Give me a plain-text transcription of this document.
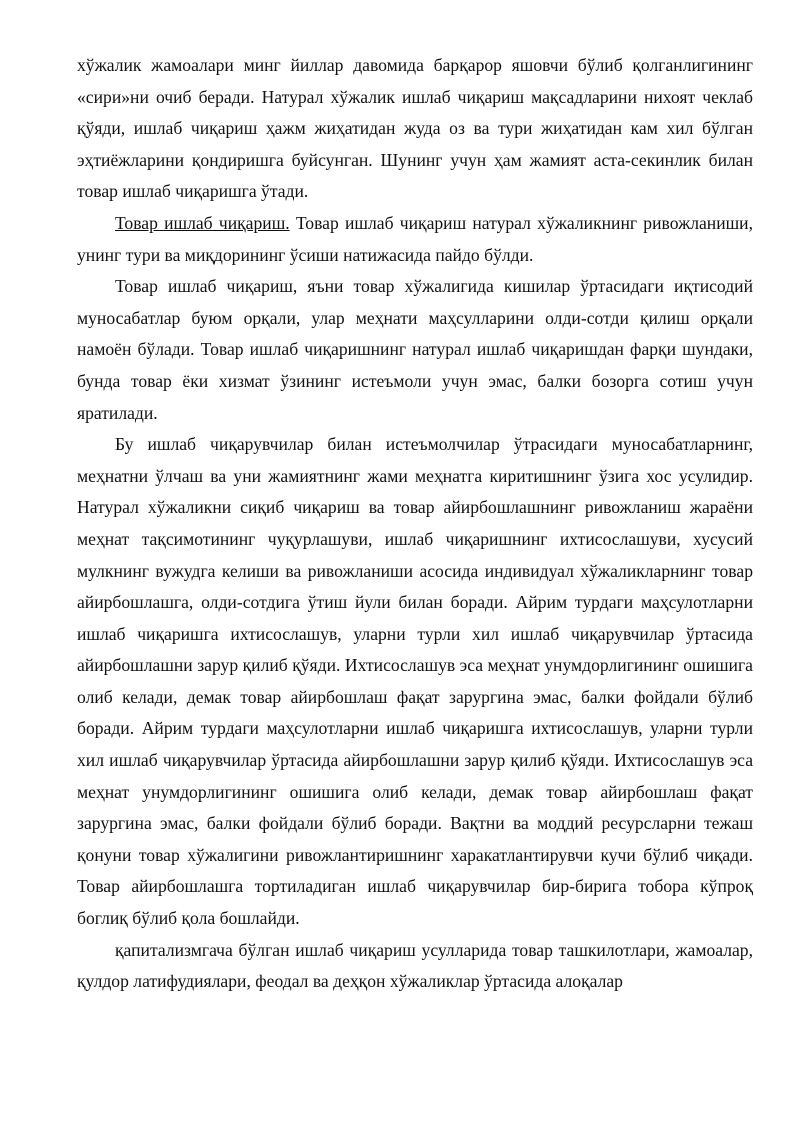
хўжалик жамоалари минг йиллар давомида барқарор яшовчи бўлиб қолганлигининг «сири»ни очиб беради. Натурал хўжалик ишлаб чиқариш мақсадларини нихоят чеклаб қўяди, ишлаб чиқариш ҳажм жиҳатидан жуда оз ва тури жиҳатидан кам хил бўлган эҳтиёжларини қондиришга буйсунган. Шунинг учун ҳам жамият аста-секинлик билан товар ишлаб чиқаришга ўтади.

Товар ишлаб чиқариш. Товар ишлаб чиқариш натурал хўжаликнинг ривожланиши, унинг тури ва миқдорининг ўсиши натижасида пайдо бўлди.

Товар ишлаб чиқариш, яъни товар хўжалигида кишилар ўртасидаги иқтисодий муносабатлар буюм орқали, улар меҳнати маҳсулларини олди-сотди қилиш орқали намоён бўлади. Товар ишлаб чиқаришнинг натурал ишлаб чиқаришдан фарқи шундаки, бунда товар ёки хизмат ўзининг истеъмоли учун эмас, балки бозорга сотиш учун яратилади.

Бу ишлаб чиқарувчилар билан истеъмолчилар ўтрасидаги муносабатларнинг, меҳнатни ўлчаш ва уни жамиятнинг жами меҳнатга киритишнинг ўзига хос усулидир. Натурал хўжаликни сиқиб чиқариш ва товар айирбошлашнинг ривожланиш жараёни меҳнат тақсимотининг чуқурлашуви, ишлаб чиқаришнинг ихтисослашуви, хусусий мулкнинг вужудга келиши ва ривожланиши асосида индивидуал хўжаликларнинг товар айирбошлашга, олди-сотдига ўтиш йули билан боради. Айрим турдаги маҳсулотларни ишлаб чиқаришга ихтисослашув, уларни турли хил ишлаб чиқарувчилар ўртасида айирбошлашни зарур қилиб қўяди. Ихтисослашув эса меҳнат унумдорлигининг ошишига олиб келади, демак товар айирбошлаш фақат зарургина эмас, балки фойдали бўлиб боради. Айрим турдаги маҳсулотларни ишлаб чиқаришга ихтисослашув, уларни турли хил ишлаб чиқарувчилар ўртасида айирбошлашни зарур қилиб қўяди. Ихтисослашув эса меҳнат унумдорлигининг ошишига олиб келади, демак товар айирбошлаш фақат зарургина эмас, балки фойдали бўлиб боради. Вақтни ва моддий ресурсларни тежаш қонуни товар хўжалигини ривожлантиришнинг харакатлантирувчи кучи бўлиб чиқади. Товар айирбошлашга тортиладиган ишлаб чиқарувчилар бир-бирига тобора кўпроқ боглиқ бўлиб қола бошлайди.

қапитализмгача бўлган ишлаб чиқариш усулларида товар ташкилотлари, жамоалар, қулдор латифудиялари, феодал ва деҳқон хўжаликлар ўртасида алоқалар
